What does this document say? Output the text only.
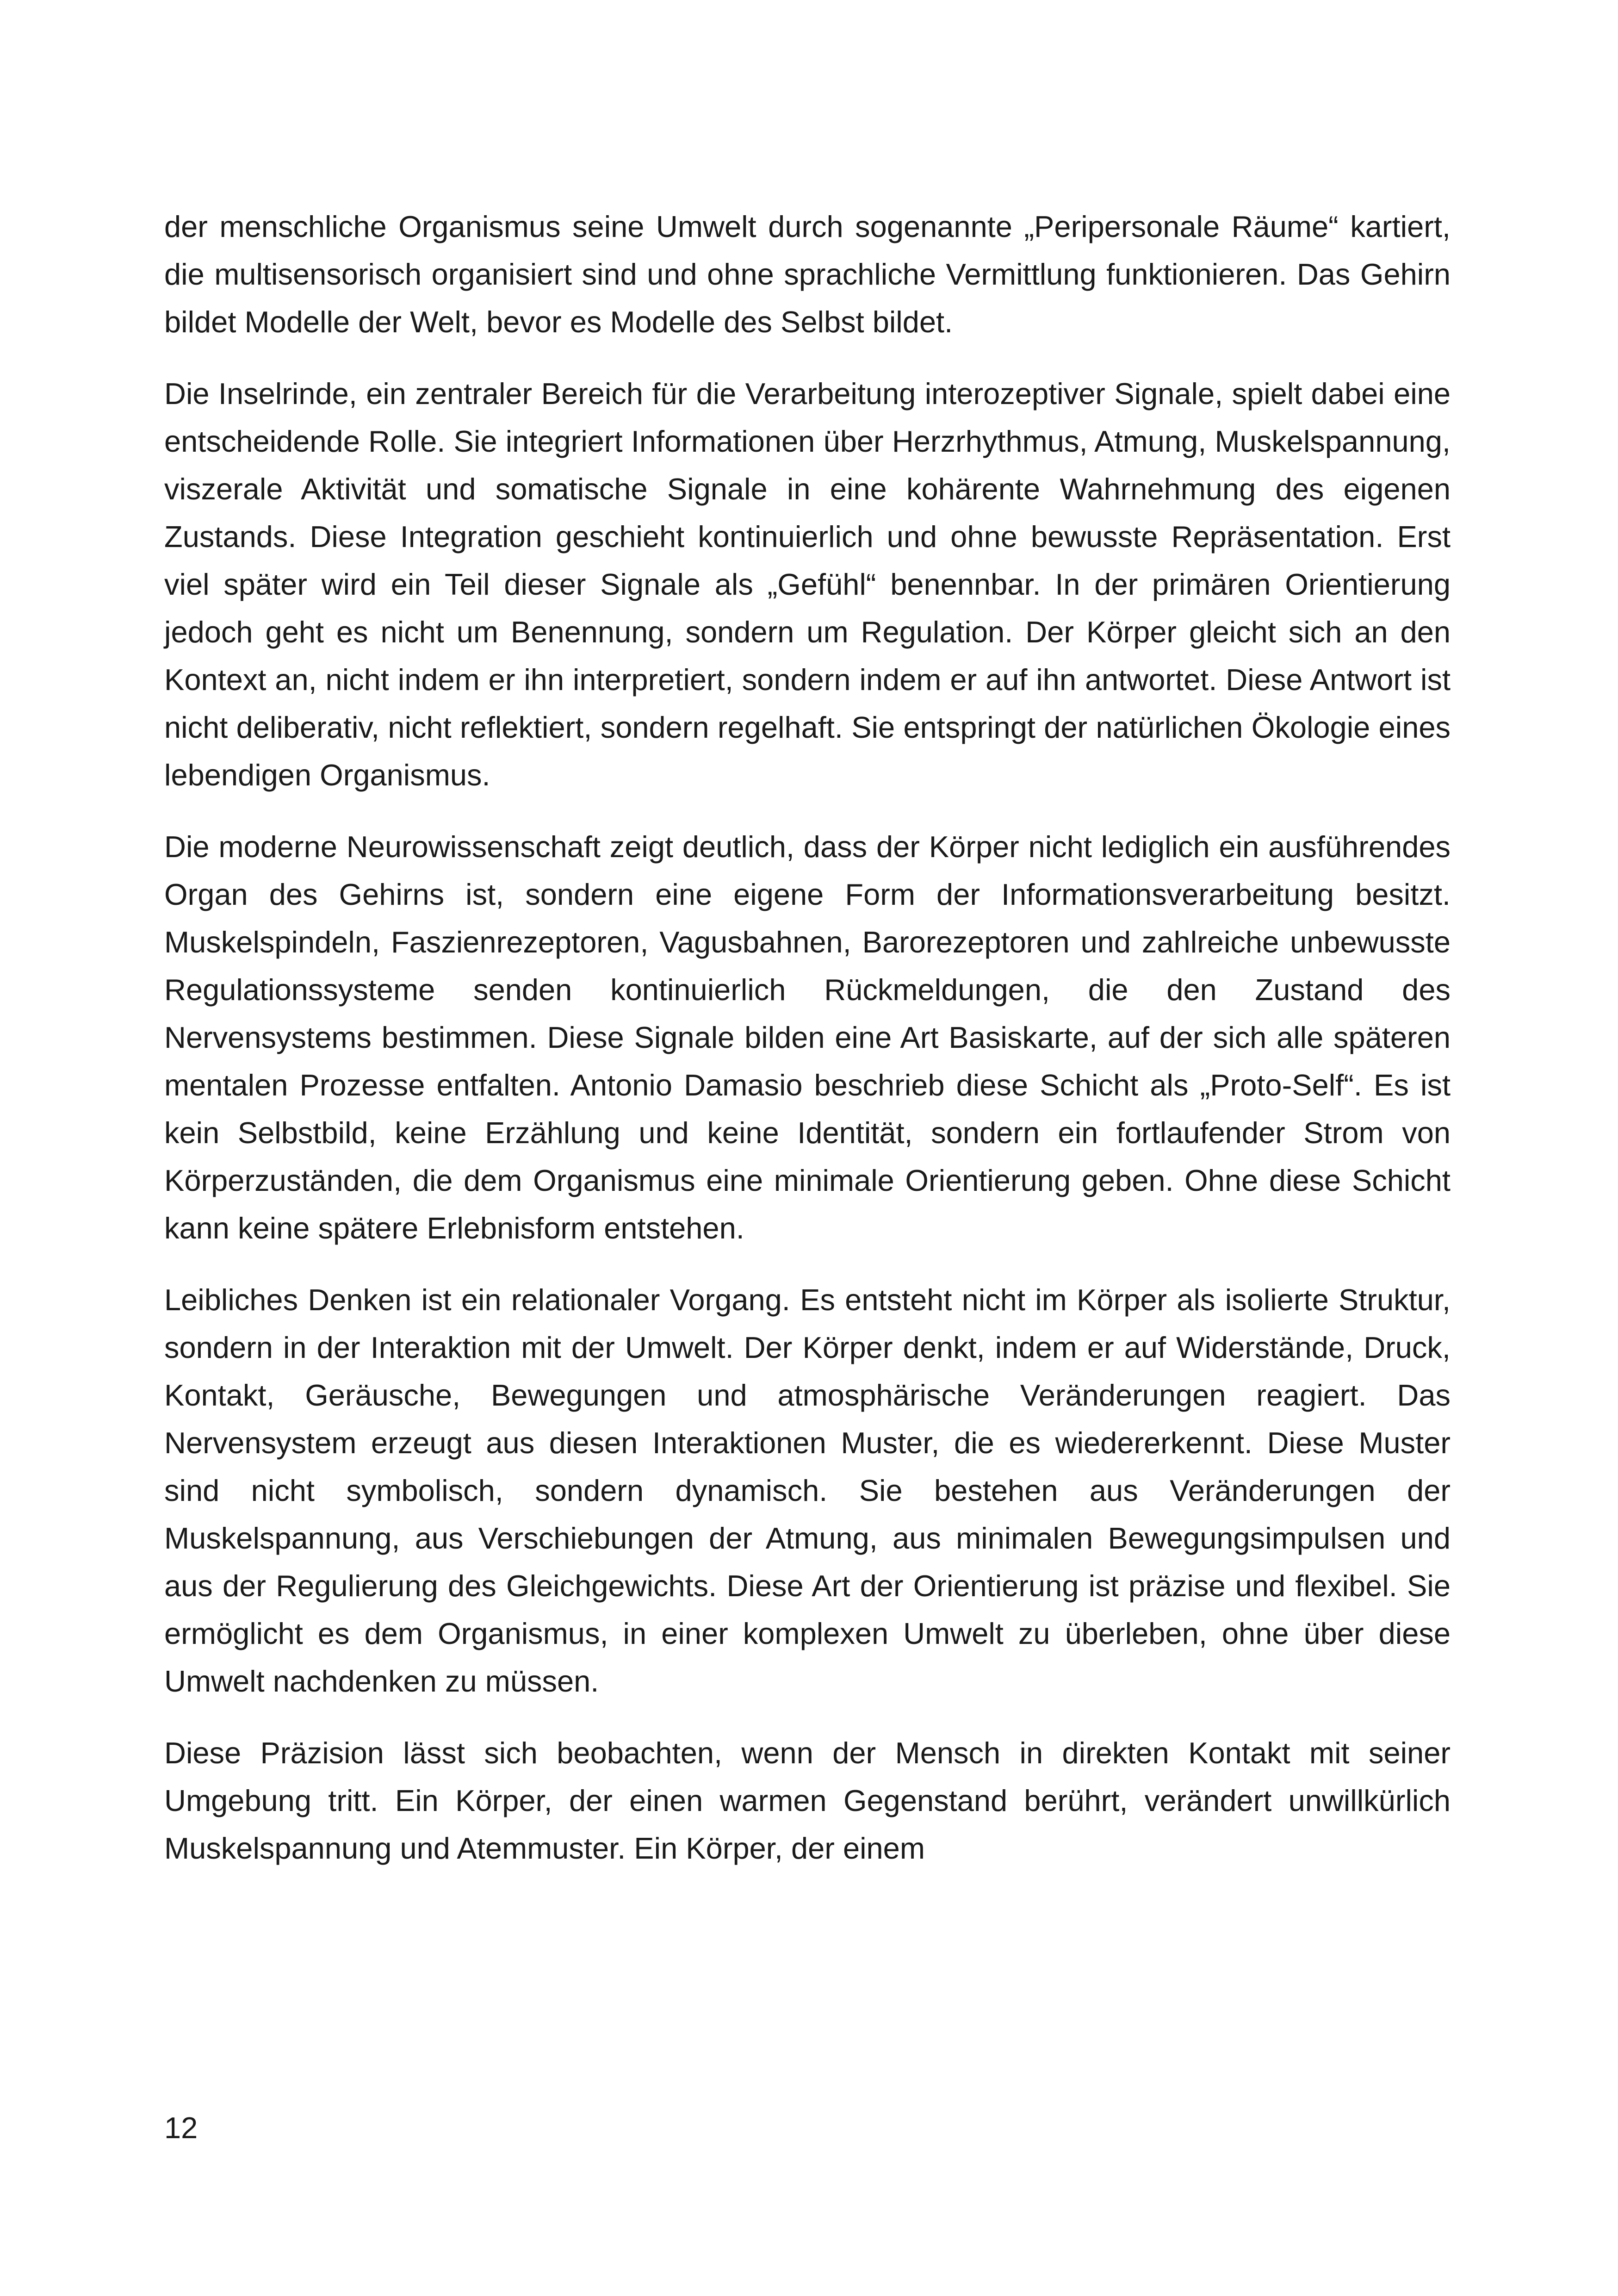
der menschliche Organismus seine Umwelt durch sogenannte „Peripersonale Räume“ kartiert, die multisensorisch organisiert sind und ohne sprachliche Vermittlung funktionieren. Das Gehirn bildet Modelle der Welt, bevor es Modelle des Selbst bildet.

Die Inselrinde, ein zentraler Bereich für die Verarbeitung interozeptiver Signale, spielt dabei eine entscheidende Rolle. Sie integriert Informationen über Herzrhythmus, Atmung, Muskelspannung, viszerale Aktivität und somatische Signale in eine kohärente Wahrnehmung des eigenen Zustands. Diese Integration geschieht kontinuierlich und ohne bewusste Repräsentation. Erst viel später wird ein Teil dieser Signale als „Gefühl“ benennbar. In der primären Orientierung jedoch geht es nicht um Benennung, sondern um Regulation. Der Körper gleicht sich an den Kontext an, nicht indem er ihn interpretiert, sondern indem er auf ihn antwortet. Diese Antwort ist nicht deliberativ, nicht reflektiert, sondern regelhaft. Sie entspringt der natürlichen Ökologie eines lebendigen Organismus.

Die moderne Neurowissenschaft zeigt deutlich, dass der Körper nicht lediglich ein ausführendes Organ des Gehirns ist, sondern eine eigene Form der Informationsverarbeitung besitzt. Muskelspindeln, Faszienrezeptoren, Vagusbahnen, Barorezeptoren und zahlreiche unbewusste Regulationssysteme senden kontinuierlich Rückmeldungen, die den Zustand des Nervensystems bestimmen. Diese Signale bilden eine Art Basiskarte, auf der sich alle späteren mentalen Prozesse entfalten. Antonio Damasio beschrieb diese Schicht als „Proto-Self“. Es ist kein Selbstbild, keine Erzählung und keine Identität, sondern ein fortlaufender Strom von Körperzuständen, die dem Organismus eine minimale Orientierung geben. Ohne diese Schicht kann keine spätere Erlebnisform entstehen.

Leibliches Denken ist ein relationaler Vorgang. Es entsteht nicht im Körper als isolierte Struktur, sondern in der Interaktion mit der Umwelt. Der Körper denkt, indem er auf Widerstände, Druck, Kontakt, Geräusche, Bewegungen und atmosphärische Veränderungen reagiert. Das Nervensystem erzeugt aus diesen Interaktionen Muster, die es wiedererkennt. Diese Muster sind nicht symbolisch, sondern dynamisch. Sie bestehen aus Veränderungen der Muskelspannung, aus Verschiebungen der Atmung, aus minimalen Bewegungsimpulsen und aus der Regulierung des Gleichgewichts. Diese Art der Orientierung ist präzise und flexibel. Sie ermöglicht es dem Organismus, in einer komplexen Umwelt zu überleben, ohne über diese Umwelt nachdenken zu müssen.

Diese Präzision lässt sich beobachten, wenn der Mensch in direkten Kontakt mit seiner Umgebung tritt. Ein Körper, der einen warmen Gegenstand berührt, verändert unwillkürlich Muskelspannung und Atemmuster. Ein Körper, der einem

12
